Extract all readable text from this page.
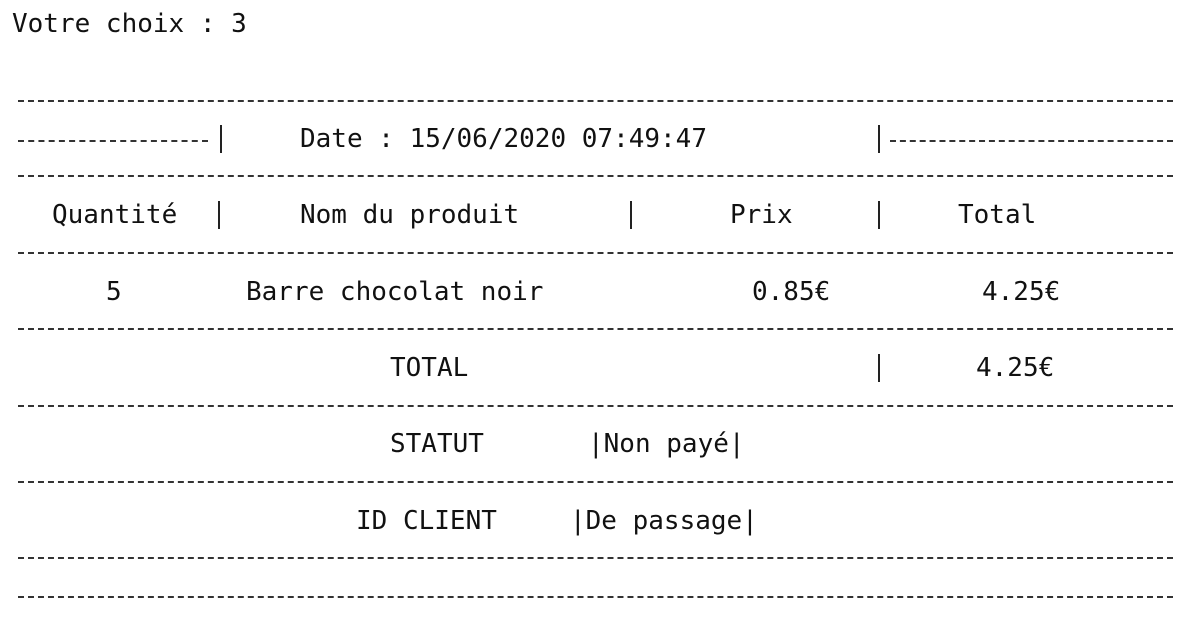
Votre choix : 3
Date : 15/06/2020 07:49:47
Quantité	Nom du produit	Prix	Total
5	Barre chocolat noir	0.85€	4.25€
TOTAL	4.25€
STATUT	|Non payé|
ID CLIENT	|De passage|
